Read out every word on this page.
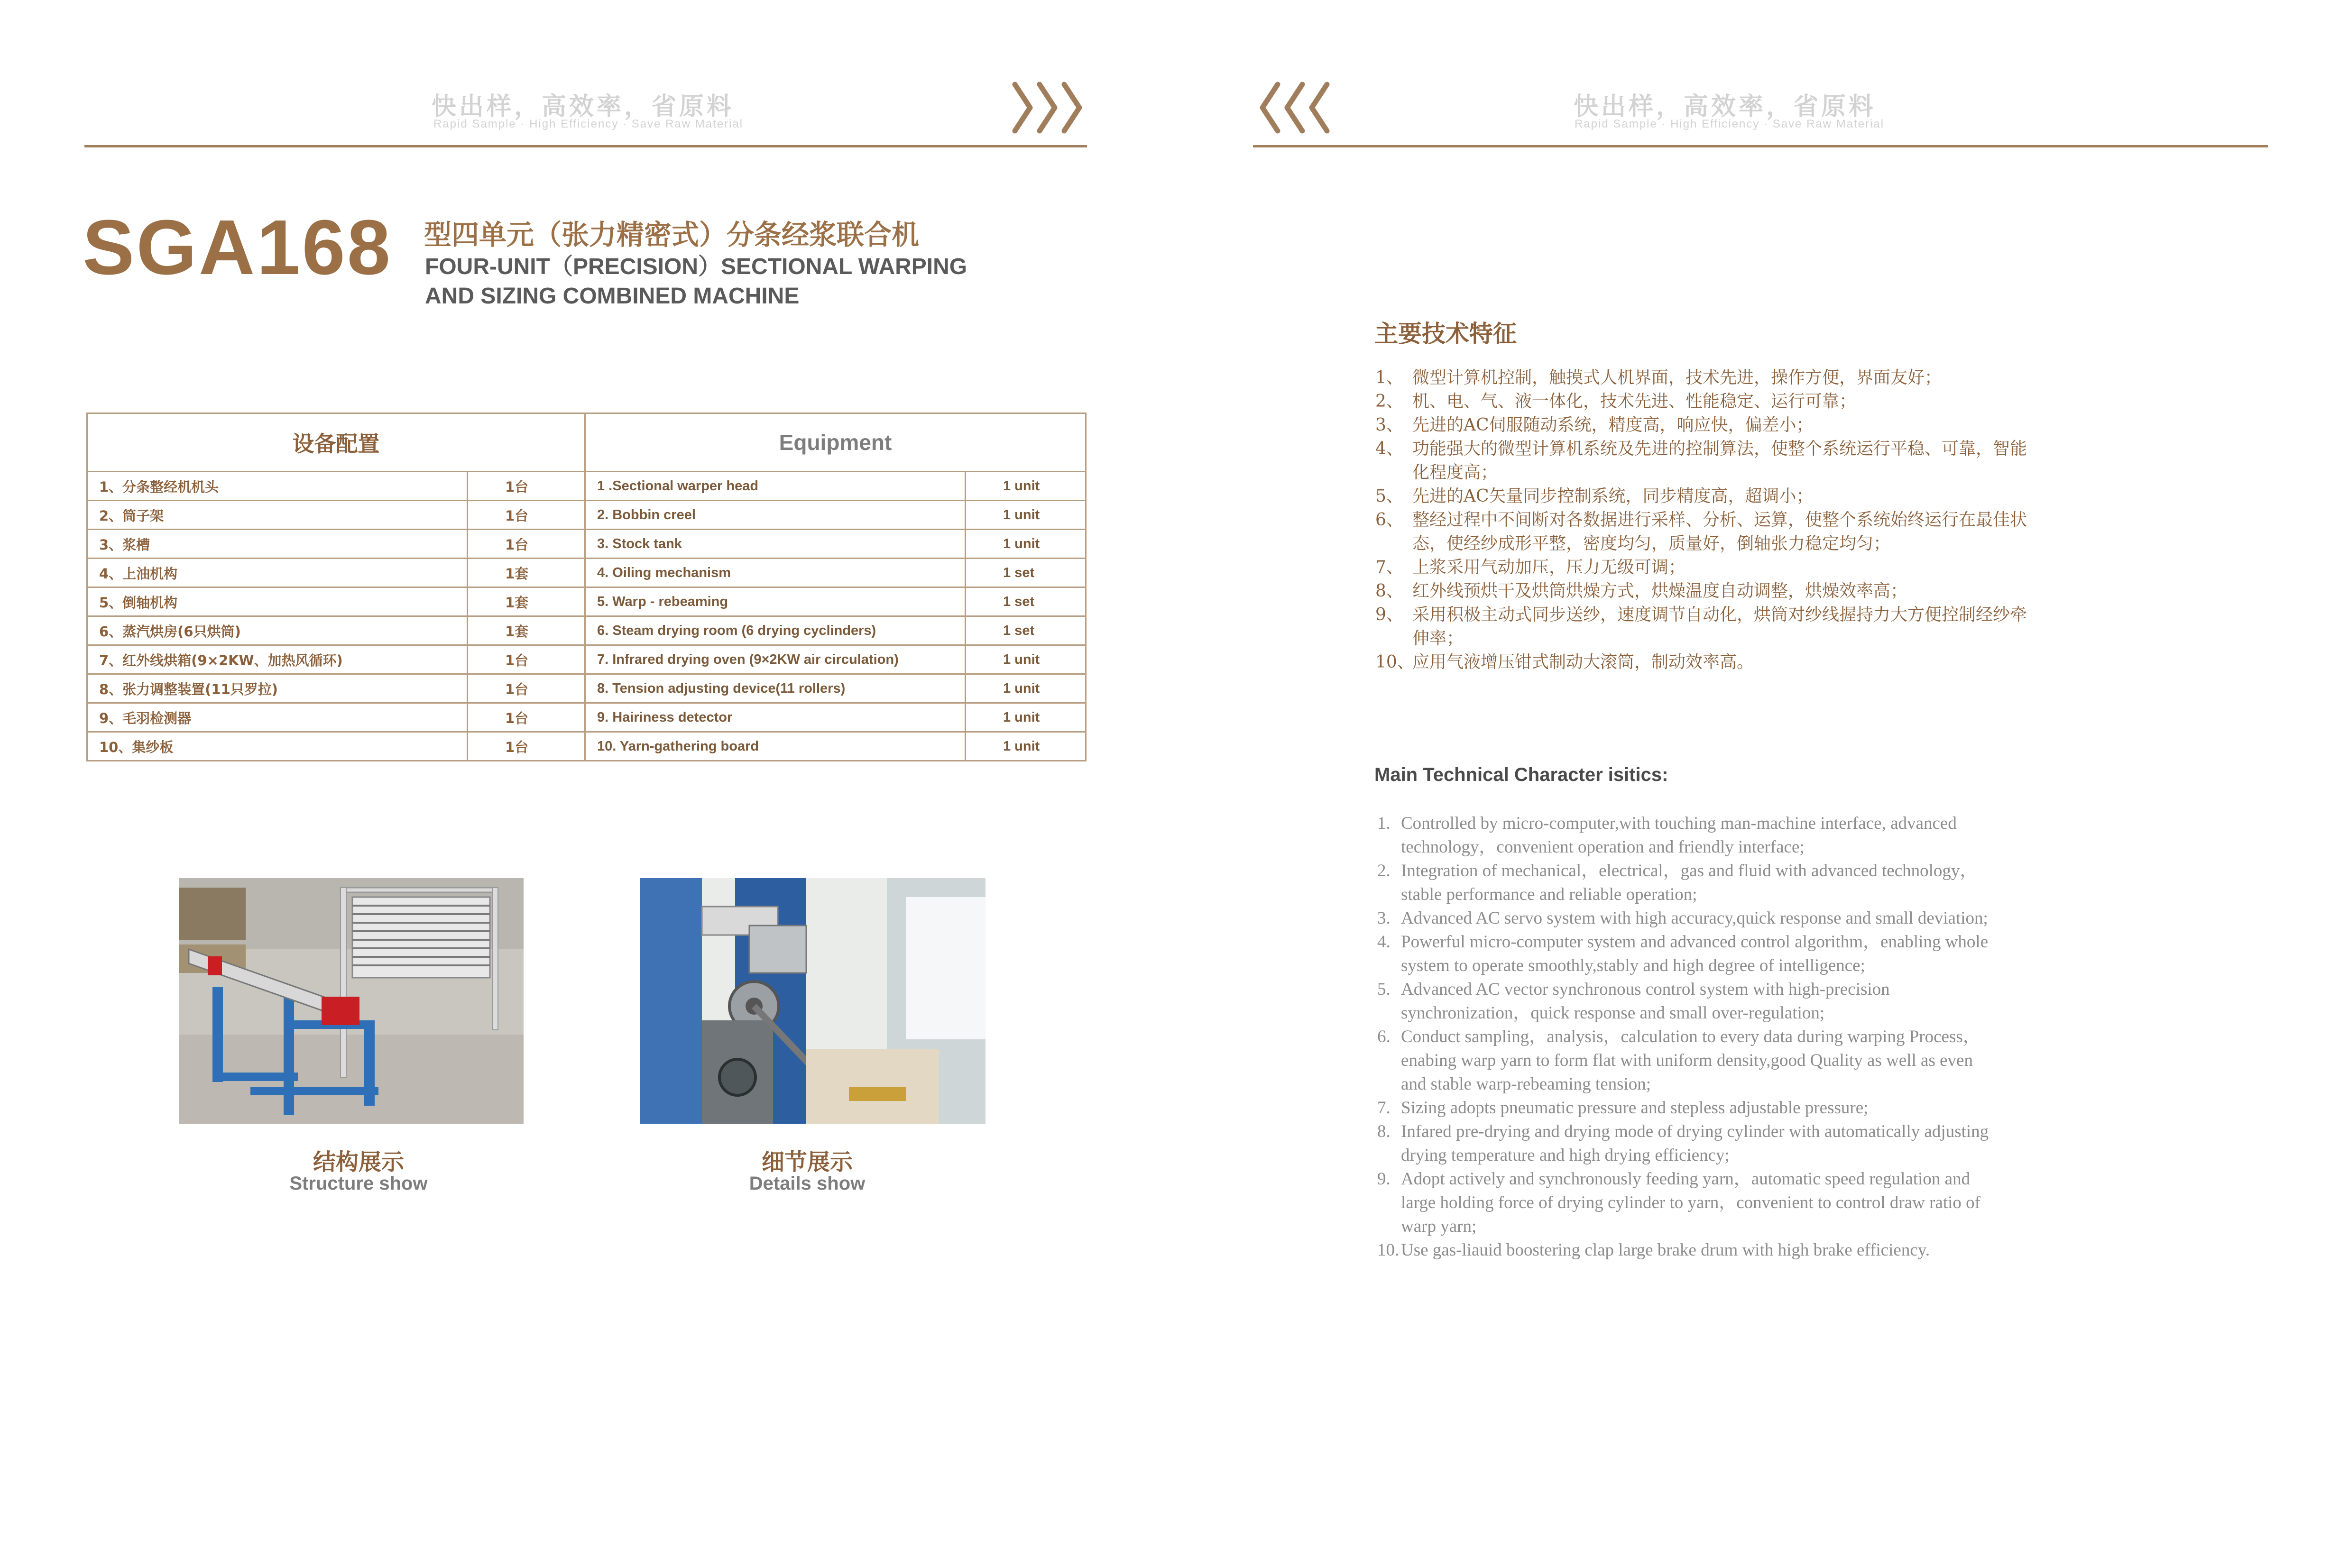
快出样，高效率，省原料
Rapid Sample · High Efficiency · Save Raw Material
快出样，高效率，省原料
Rapid Sample · High Efficiency · Save Raw Material
SGA168 型四单元（张力精密式）分条经浆联合机
FOUR-UNIT（PRECISION）SECTIONAL WARPING
AND SIZING COMBINED MACHINE
设备配置		Equipment	
1、分条整经机机头	1台	1 .Sectional warper head	1 unit
2、筒子架	1台	2. Bobbin creel	1 unit
3、浆槽	1台	3. Stock tank	1 unit
4、上油机构	1套	4. Oiling mechanism	1 set
5、倒轴机构	1套	5. Warp - rebeaming	1 set
6、蒸汽烘房(6只烘筒)	1套	6. Steam drying room (6 drying cyclinders)	1 set
7、红外线烘箱(9×2KW、加热风循环)	1台	7. Infrared drying oven (9×2KW air circulation)	1 unit
8、张力调整装置(11只罗拉)	1台	8. Tension adjusting device(11 rollers)	1 unit
9、毛羽检测器	1台	9. Hairiness detector	1 unit
10、集纱板	1台	10. Yarn-gathering board	1 unit
结构展示
Structure show
细节展示
Details show
主要技术特征
1、 微型计算机控制，触摸式人机界面，技术先进，操作方便，界面友好；
2、 机、电、气、液一体化，技术先进、性能稳定、运行可靠；
3、 先进的AC伺服随动系统，精度高，响应快，偏差小；
4、 功能强大的微型计算机系统及先进的控制算法，使整个系统运行平稳、可靠，智能化程度高；
5、 先进的AC矢量同步控制系统，同步精度高，超调小；
6、 整经过程中不间断对各数据进行采样、分析、运算，使整个系统始终运行在最佳状态，使经纱成形平整，密度均匀，质量好，倒轴张力稳定均匀；
7、 上浆采用气动加压，压力无级可调；
8、 红外线预烘干及烘筒烘燥方式，烘燥温度自动调整，烘燥效率高；
9、 采用积极主动式同步送纱，速度调节自动化，烘筒对纱线握持力大方便控制经纱牵伸率；
10、
应用气液增压钳式制动大滚筒，制动效率高。
Main Technical Character isitics:
1. Controlled by micro-computer,with touching man-machine interface, advanced technology，convenient operation and friendly interface;
2. Integration of mechanical，electrical，gas and fluid with advanced technology，stable performance and reliable operation;
3. Advanced AC servo system with high accuracy,quick response and small deviation;
4. Powerful micro-computer system and advanced control algorithm，enabling whole system to operate smoothly,stably and high degree of intelligence;
5. Advanced AC vector synchronous control system with high-precision synchronization，quick response and small over-regulation;
6. Conduct sampling，analysis，calculation to every data during warping Process，enabing warp yarn to form flat with uniform density,good Quality as well as even and stable warp-rebeaming tension;
7. Sizing adopts pneumatic pressure and stepless adjustable pressure;
8. Infared pre-drying and drying mode of drying cylinder with automatically adjusting drying temperature and high drying efficiency;
9. Adopt actively and synchronously feeding yarn，automatic speed regulation and large holding force of drying cylinder to yarn，convenient to control draw ratio of warp yarn;
10. Use gas-liauid boostering clap large brake drum with high brake efficiency.
